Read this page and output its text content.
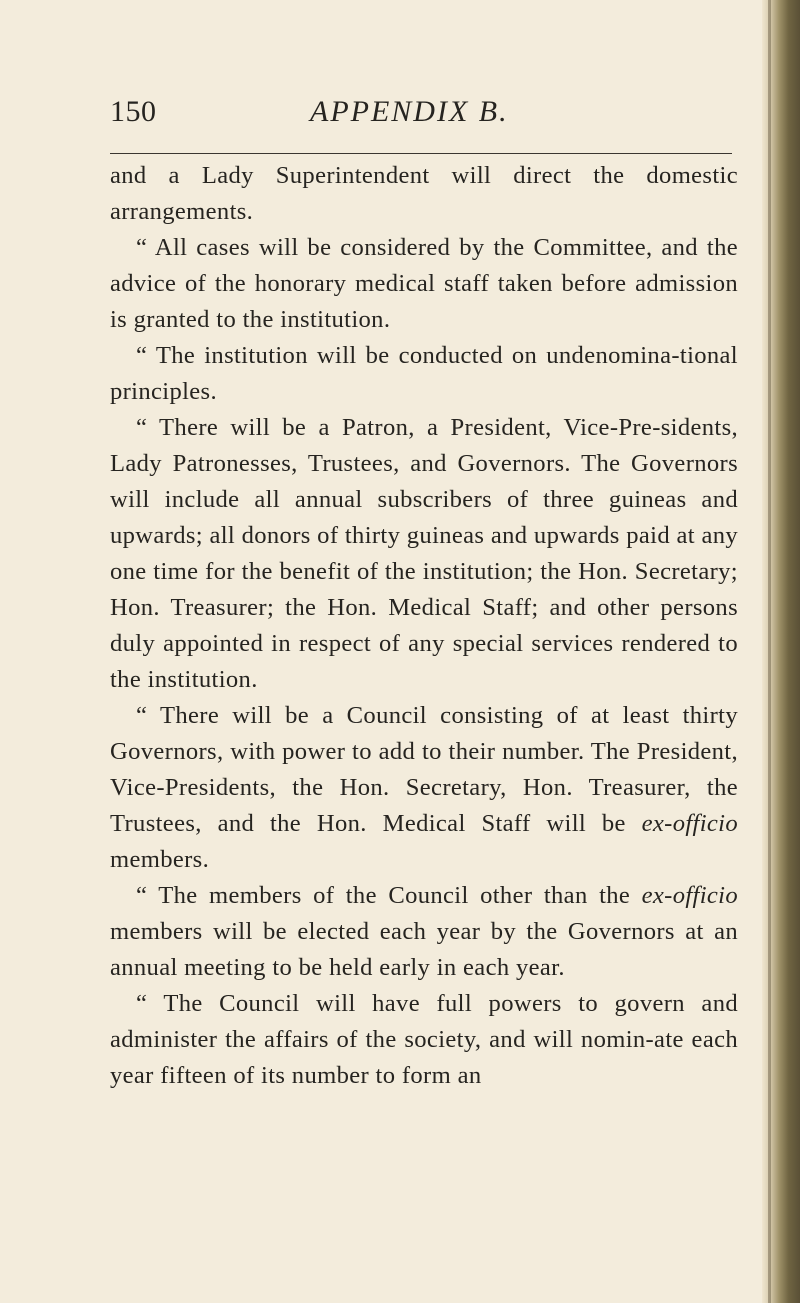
150	APPENDIX B.

and a Lady Superintendent will direct the domestic arrangements.

“ All cases will be considered by the Committee, and the advice of the honorary medical staff taken before admission is granted to the institution.

“ The institution will be conducted on undenomina-tional principles.

“ There will be a Patron, a President, Vice-Pre-sidents, Lady Patronesses, Trustees, and Governors. The Governors will include all annual subscribers of three guineas and upwards; all donors of thirty guineas and upwards paid at any one time for the benefit of the institution; the Hon. Secretary; Hon. Treasurer; the Hon. Medical Staff; and other persons duly appointed in respect of any special services rendered to the institution.

“ There will be a Council consisting of at least thirty Governors, with power to add to their number. The President, Vice-Presidents, the Hon. Secretary, Hon. Treasurer, the Trustees, and the Hon. Medical Staff will be ex-officio members.

“ The members of the Council other than the ex-officio members will be elected each year by the Governors at an annual meeting to be held early in each year.

“ The Council will have full powers to govern and administer the affairs of the society, and will nomin-ate each year fifteen of its number to form an
